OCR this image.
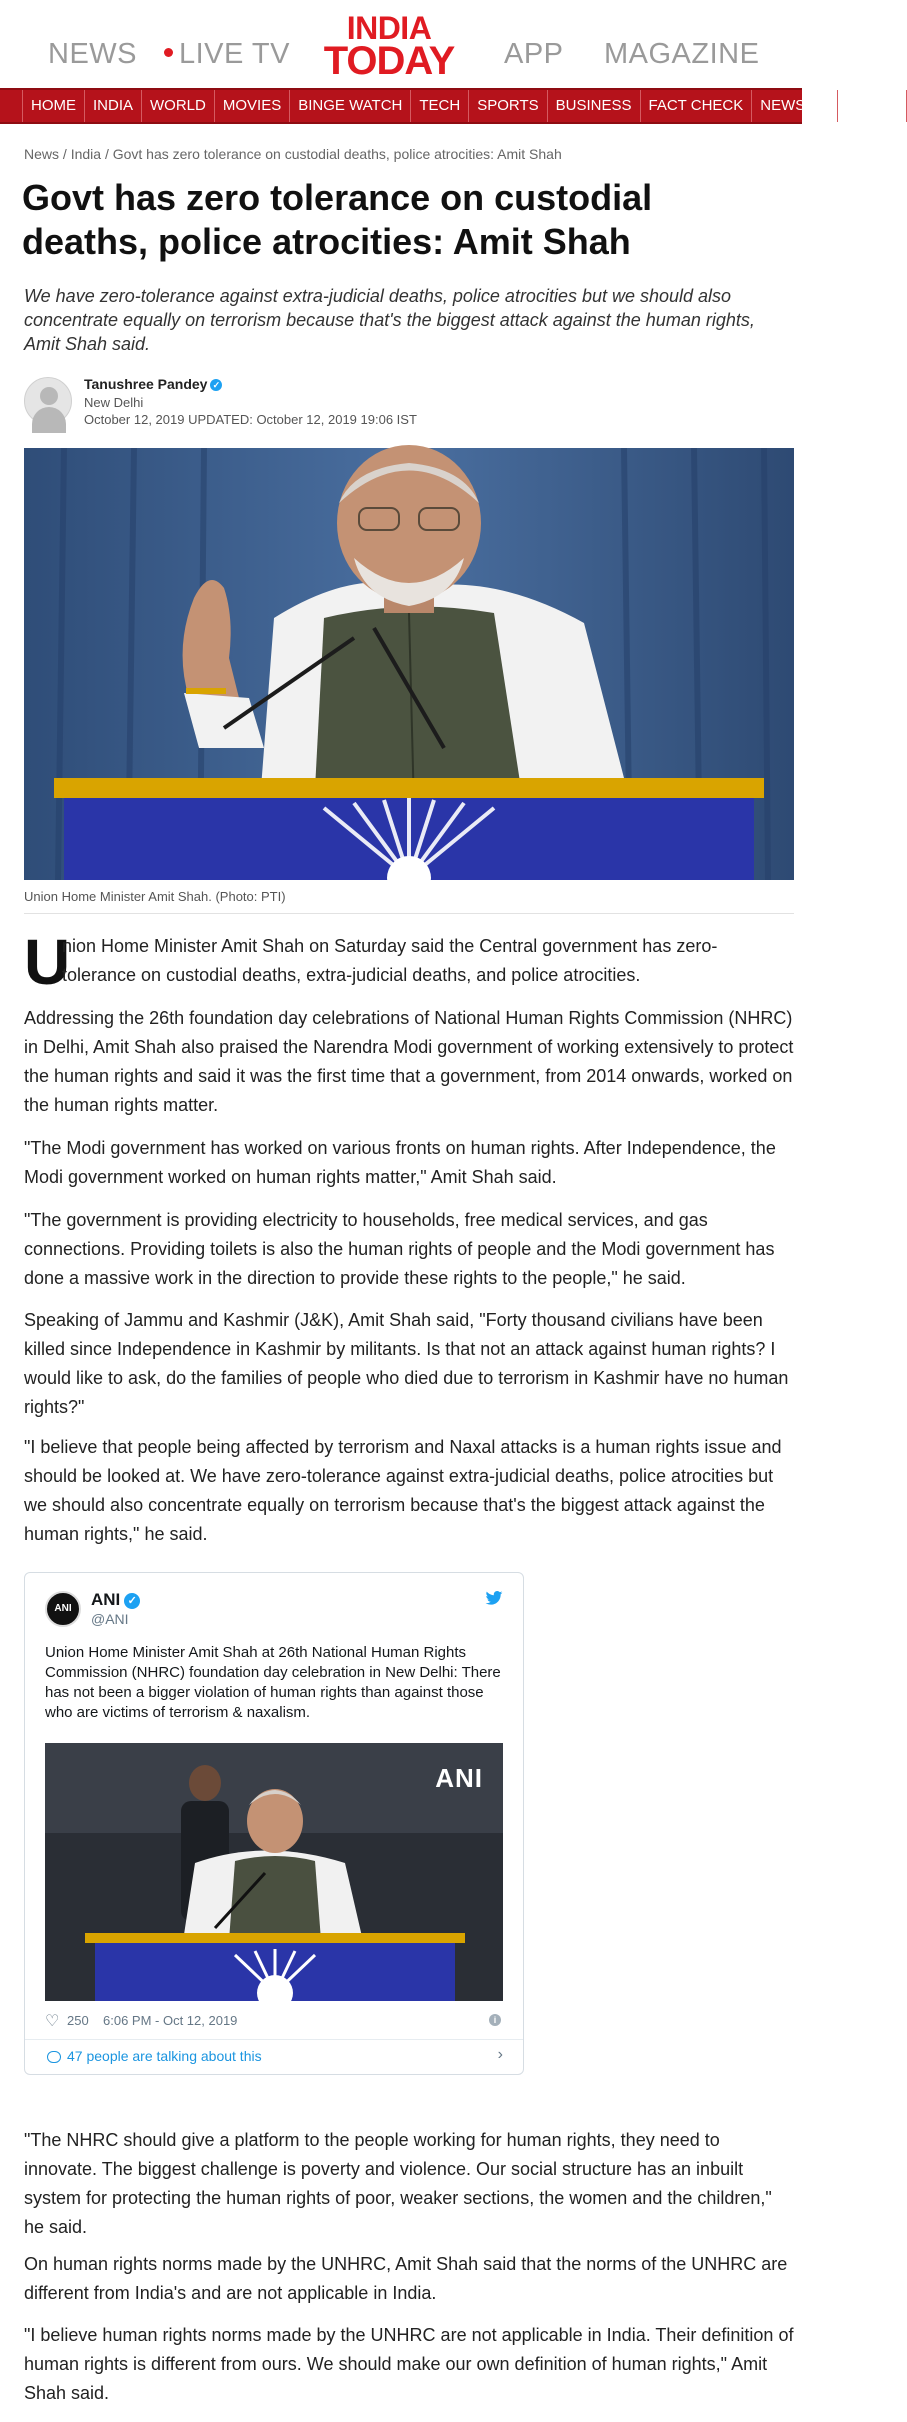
NEWS	LIVE TV
INDIA
TODAY APP MAGAZINE
HOME INDIA WORLD MOVIES BINGE WATCH TECH SPORTS BUSINESS FACT CHECK NEWSMO TREND
News / India / Govt has zero tolerance on custodial deaths, police atrocities: Amit Shah
Govt has zero tolerance on custodial deaths, police atrocities: Amit Shah

We have zero-tolerance against extra-judicial deaths, police atrocities but we should also concentrate equally on terrorism because that's the biggest attack against the human rights, Amit Shah said.

Tanushree Pandey ✓
New Delhi
October 12, 2019 UPDATED: October 12, 2019 19:06 IST
Union Home Minister Amit Shah. (Photo: PTI)
U

nion Home Minister Amit Shah on Saturday said the Central government has zero-tolerance on custodial deaths, extra-judicial deaths, and police atrocities.

Addressing the 26th foundation day celebrations of National Human Rights Commission (NHRC) in Delhi, Amit Shah also praised the Narendra Modi government of working extensively to protect the human rights and said it was the first time that a government, from 2014 onwards, worked on the human rights matter.

"The Modi government has worked on various fronts on human rights. After Independence, the Modi government worked on human rights matter," Amit Shah said.

"The government is providing electricity to households, free medical services, and gas connections. Providing toilets is also the human rights of people and the Modi government has done a massive work in the direction to provide these rights to the people," he said.

Speaking of Jammu and Kashmir (J&K), Amit Shah said, "Forty thousand civilians have been killed since Independence in Kashmir by militants. Is that not an attack against human rights? I would like to ask, do the families of people who died due to terrorism in Kashmir have no human rights?"

"I believe that people being affected by terrorism and Naxal attacks is a human rights issue and should be looked at. We have zero-tolerance against extra-judicial deaths, police atrocities but we should also concentrate equally on terrorism because that's the biggest attack against the human rights," he said.

ANI	ANI ✓
@ANI
Union Home Minister Amit Shah at 26th National Human Rights Commission (NHRC) foundation day celebration in New Delhi: There has not been a bigger violation of human rights than against those who are victims of terrorism & naxalism.
ANI
♡ 250 6:06 PM - Oct 12, 2019	i
47 people are talking about this	›

"The NHRC should give a platform to the people working for human rights, they need to innovate. The biggest challenge is poverty and violence. Our social structure has an inbuilt system for protecting the human rights of poor, weaker sections, the women and the children," he said.

On human rights norms made by the UNHRC, Amit Shah said that the norms of the UNHRC are different from India's and are not applicable in India.

"I believe human rights norms made by the UNHRC are not applicable in India. Their definition of human rights is different from ours. We should make our own definition of human rights," Amit Shah said.
